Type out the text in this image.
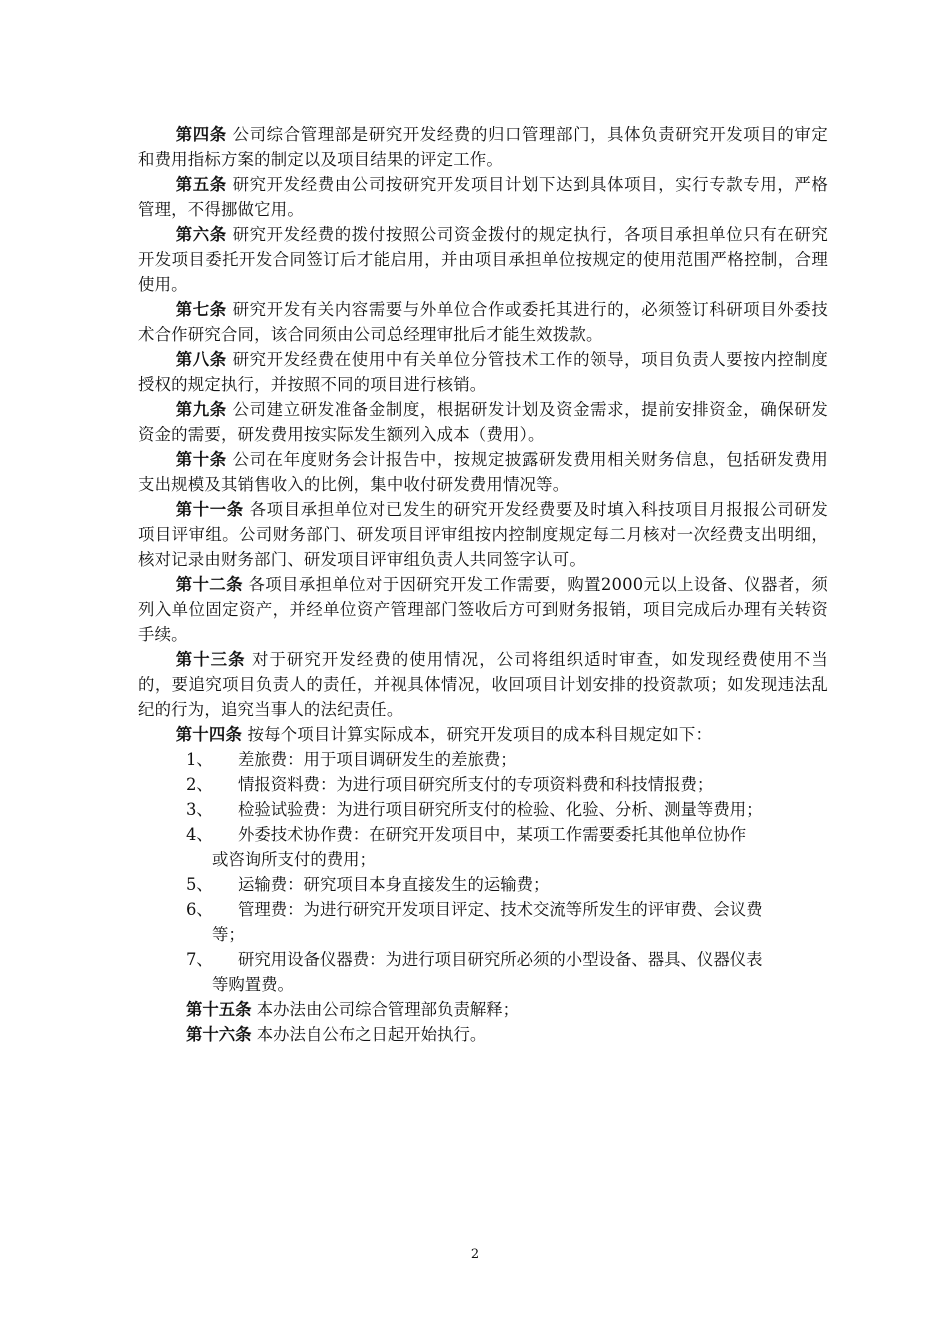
第四条 公司综合管理部是研究开发经费的归口管理部门，具体负责研究开发项目的审定和费用指标方案的制定以及项目结果的评定工作。

第五条 研究开发经费由公司按研究开发项目计划下达到具体项目，实行专款专用，严格管理，不得挪做它用。

第六条 研究开发经费的拨付按照公司资金拨付的规定执行，各项目承担单位只有在研究开发项目委托开发合同签订后才能启用，并由项目承担单位按规定的使用范围严格控制，合理使用。

第七条 研究开发有关内容需要与外单位合作或委托其进行的，必须签订科研项目外委技术合作研究合同，该合同须由公司总经理审批后才能生效拨款。

第八条 研究开发经费在使用中有关单位分管技术工作的领导，项目负责人要按内控制度授权的规定执行，并按照不同的项目进行核销。

第九条 公司建立研发准备金制度，根据研发计划及资金需求，提前安排资金，确保研发资金的需要，研发费用按实际发生额列入成本（费用）。

第十条 公司在年度财务会计报告中，按规定披露研发费用相关财务信息，包括研发费用支出规模及其销售收入的比例，集中收付研发费用情况等。

第十一条 各项目承担单位对已发生的研究开发经费要及时填入科技项目月报报公司研发项目评审组。公司财务部门、研发项目评审组按内控制度规定每二月核对一次经费支出明细，核对记录由财务部门、研发项目评审组负责人共同签字认可。

第十二条 各项目承担单位对于因研究开发工作需要，购置2000元以上设备、仪器者，须列入单位固定资产，并经单位资产管理部门签收后方可到财务报销，项目完成后办理有关转资手续。

第十三条 对于研究开发经费的使用情况，公司将组织适时审查，如发现经费使用不当的，要追究项目负责人的责任，并视具体情况，收回项目计划安排的投资款项；如发现违法乱纪的行为，追究当事人的法纪责任。

第十四条 按每个项目计算实际成本，研究开发项目的成本科目规定如下：

1、 差旅费：用于项目调研发生的差旅费；
2、 情报资料费：为进行项目研究所支付的专项资料费和科技情报费；
3、 检验试验费：为进行项目研究所支付的检验、化验、分析、测量等费用；
4、 外委技术协作费：在研究开发项目中，某项工作需要委托其他单位协作
或咨询所支付的费用；
5、 运输费：研究项目本身直接发生的运输费；
6、 管理费：为进行研究开发项目评定、技术交流等所发生的评审费、会议费
等；
7、 研究用设备仪器费：为进行项目研究所必须的小型设备、器具、仪器仪表
等购置费。
第十五条 本办法由公司综合管理部负责解释；
第十六条 本办法自公布之日起开始执行。
2
